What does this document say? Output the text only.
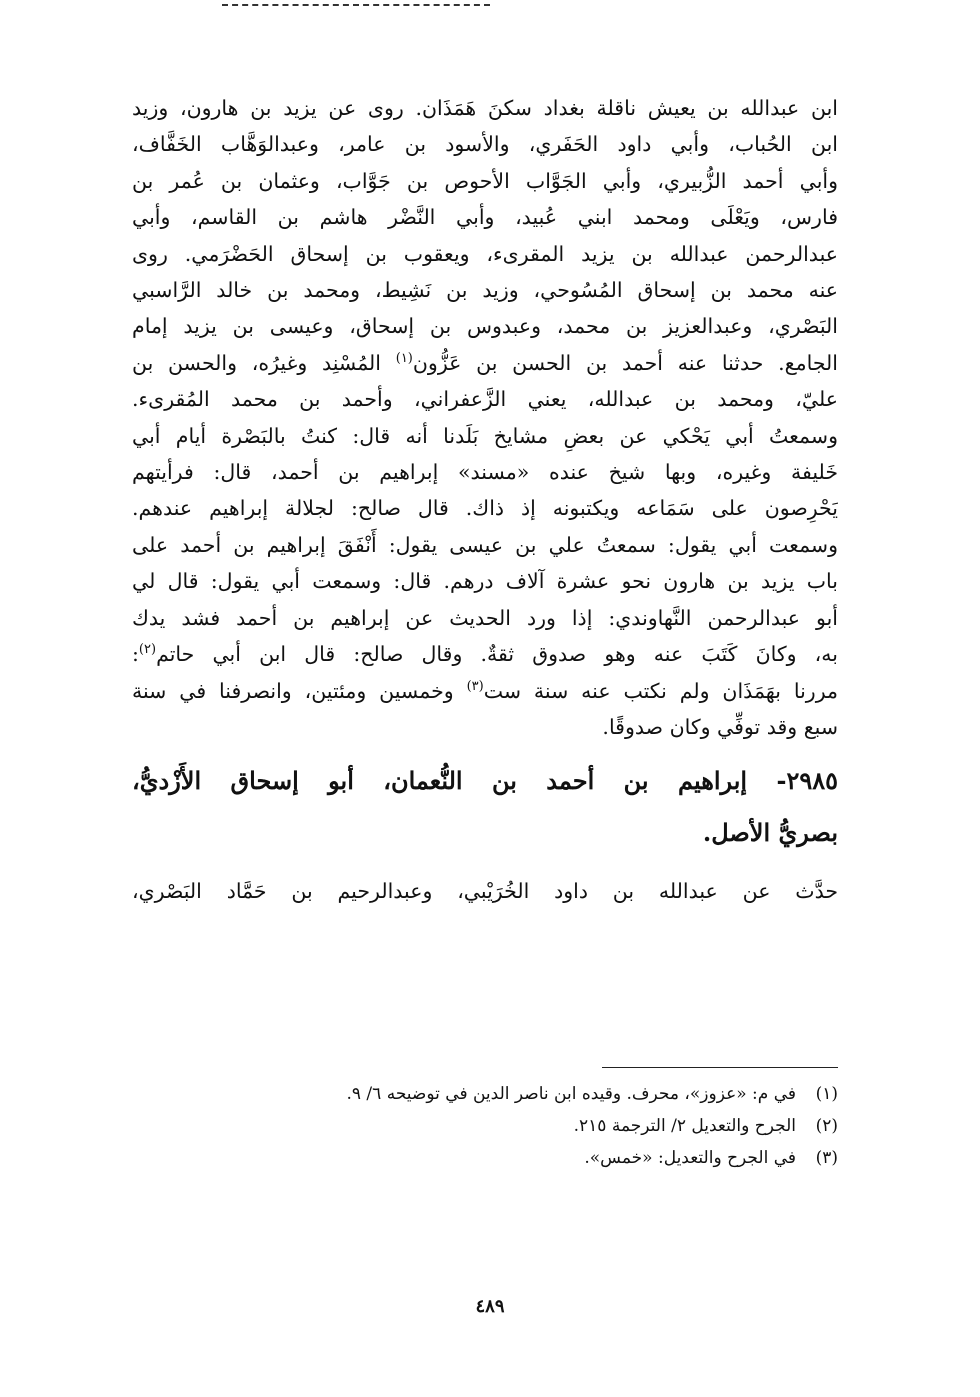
ابن عبدالله بن يعيش ناقلة بغداد سكنَ هَمَذَان. روى عن يزيد بن هارون، وزيد
ابن الحُباب، وأبي داود الحَفَري، والأسود بن عامر، وعبدالوَهَّاب الخَفَّاف،
وأبي أحمد الزُّبيري، وأبي الجَوَّاب الأحوص بن جَوَّاب، وعثمان بن عُمر بن
فارس، ويَعْلَى ومحمد ابني عُبيد، وأبي النَّضْر هاشم بن القاسم، وأبي
عبدالرحمن عبدالله بن يزيد المقرىء، ويعقوب بن إسحاق الحَضْرَمي. روى
عنه محمد بن إسحاق المُسُوحي، وزيد بن نَشِيط، ومحمد بن خالد الرَّاسبي
البَصْري، وعبدالعزيز بن محمد، وعبدوس بن إسحاق، وعيسى بن يزيد إمام
الجامع. حدثنا عنه أحمد بن الحسن بن عَزُّون$^{(١)}$ المُسْنِد وغيرُه، والحسن بن
عليّ، ومحمد بن عبدالله، يعني الزَّعفراني، وأحمد بن محمد المُقرىء.
وسمعتُ أبي يَحْكي عن بعضِ مشايخ بَلَدنا أنه قال: كنتُ بالبَصْرة أيام أبي
خَليفة وغيره، وبها شيخ عنده «مسند» إبراهيم بن أحمد، قال: فرأيتهم
يَحْرِصون على سَمَاعه ويكتبونه إذ ذاك. قال صالح: لجلالة إبراهيم عندهم.
وسمعت أبي يقول: سمعتُ علي بن عيسى يقول: أَنْفَقَ إبراهيم بن أحمد على
باب يزيد بن هارون نحو عشرة آلاف درهم. قال: وسمعت أبي يقول: قال لي
أبو عبدالرحمن النَّهاوندي: إذا ورد الحديث عن إبراهيم بن أحمد فشد يدك
به، وكانَ كَتَبَ عنه وهو صدوق ثقةٌ. وقال صالح: قال ابن أبي حاتم$^{(٢)}$:
مررنا بهَمَذَان ولم نكتب عنه سنة ست$^{(٣)}$ وخمسين ومئتين، وانصرفنا في سنة
سبع وقد توفِّي وكان صدوقًا.
٢٩٨٥- إبراهيم بن أحمد بن النُّعمان، أبو إسحاق الأَزْديُّ،
بصريُّ الأصل.
حدَّث عن عبدالله بن داود الخُرَيْبي، وعبدالرحيم بن حَمَّاد البَصْري،
(١)في م: «عزوز»، محرف. وقيده ابن ناصر الدين في توضيحه ٦/ ٩.
(٢)الجرح والتعديل ٢/ الترجمة ٢١٥.
(٣)في الجرح والتعديل: «خمس».
٤٨٩
